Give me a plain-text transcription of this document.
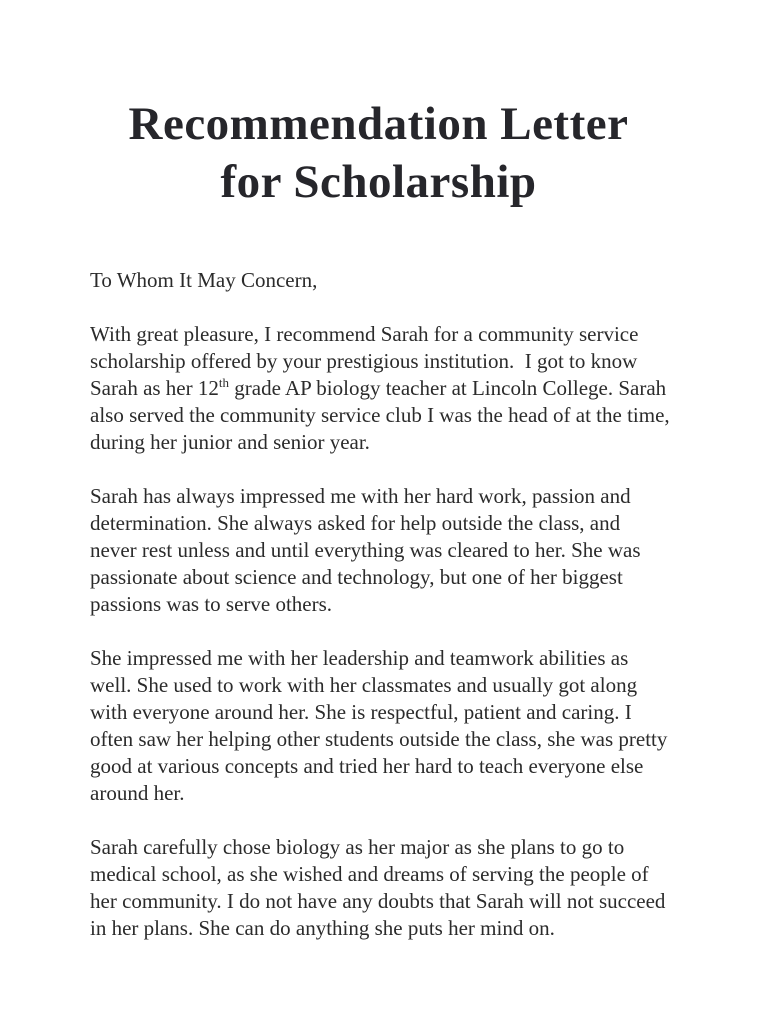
Recommendation Letter
for Scholarship

To Whom It May Concern,

With great pleasure, I recommend Sarah for a community service scholarship offered by your prestigious institution.  I got to know Sarah as her 12th grade AP biology teacher at Lincoln College. Sarah also served the community service club I was the head of at the time, during her junior and senior year.

Sarah has always impressed me with her hard work, passion and determination. She always asked for help outside the class, and never rest unless and until everything was cleared to her. She was passionate about science and technology, but one of her biggest passions was to serve others.

She impressed me with her leadership and teamwork abilities as well. She used to work with her classmates and usually got along with everyone around her. She is respectful, patient and caring. I often saw her helping other students outside the class, she was pretty good at various concepts and tried her hard to teach everyone else around her.

Sarah carefully chose biology as her major as she plans to go to medical school, as she wished and dreams of serving the people of her community. I do not have any doubts that Sarah will not succeed in her plans. She can do anything she puts her mind on.
